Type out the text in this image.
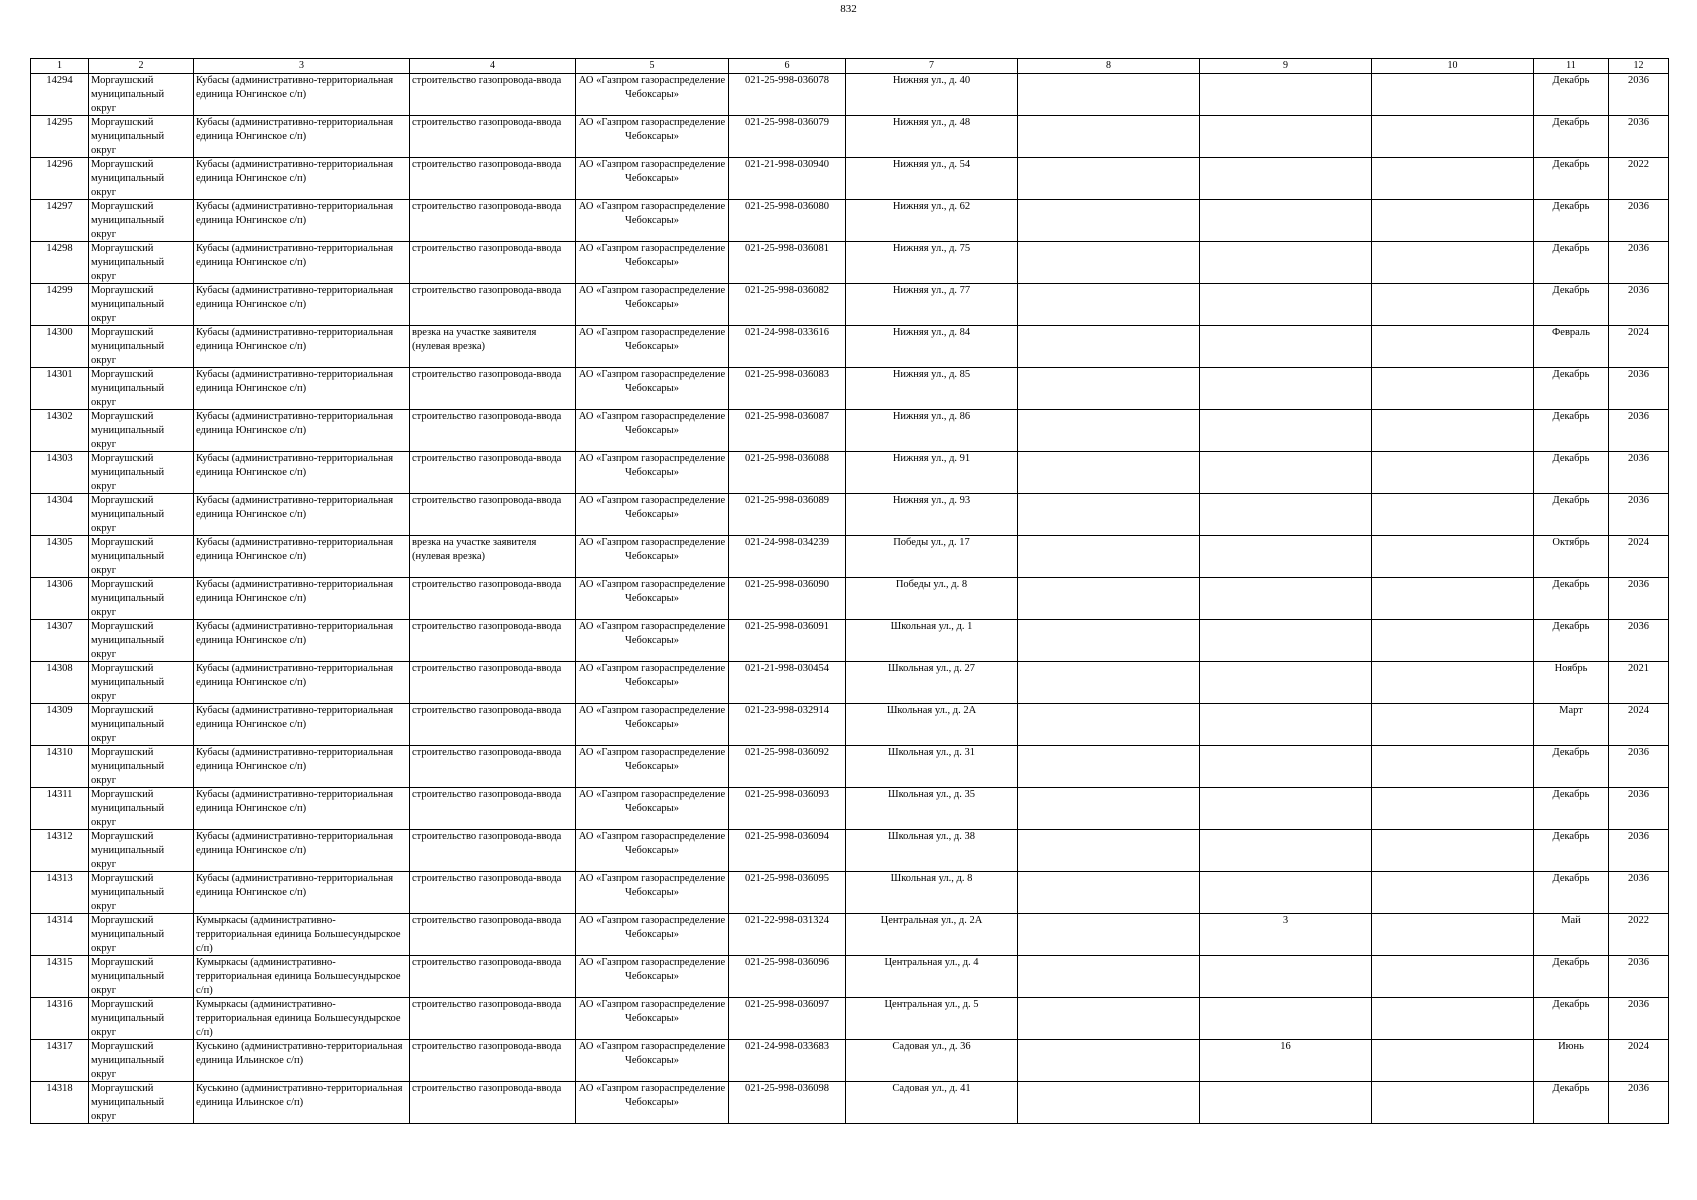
832
1	2	3	4	5	6	7	8	9	10	11	12

14294	Моргаушский муниципальный округ	Кубасы (административно-территориальная единица Юнгинское с/п)	строительство газопровода-ввода	АО «Газпром газораспределение Чебоксары»	021-25-998-036078	Нижняя ул., д. 40				Декабрь	2036

14295	Моргаушский муниципальный округ	Кубасы (административно-территориальная единица Юнгинское с/п)	строительство газопровода-ввода	АО «Газпром газораспределение Чебоксары»	021-25-998-036079	Нижняя ул., д. 48				Декабрь	2036

14296	Моргаушский муниципальный округ	Кубасы (административно-территориальная единица Юнгинское с/п)	строительство газопровода-ввода	АО «Газпром газораспределение Чебоксары»	021-21-998-030940	Нижняя ул., д. 54				Декабрь	2022

14297	Моргаушский муниципальный округ	Кубасы (административно-территориальная единица Юнгинское с/п)	строительство газопровода-ввода	АО «Газпром газораспределение Чебоксары»	021-25-998-036080	Нижняя ул., д. 62				Декабрь	2036

14298	Моргаушский муниципальный округ	Кубасы (административно-территориальная единица Юнгинское с/п)	строительство газопровода-ввода	АО «Газпром газораспределение Чебоксары»	021-25-998-036081	Нижняя ул., д. 75				Декабрь	2036

14299	Моргаушский муниципальный округ	Кубасы (административно-территориальная единица Юнгинское с/п)	строительство газопровода-ввода	АО «Газпром газораспределение Чебоксары»	021-25-998-036082	Нижняя ул., д. 77				Декабрь	2036

14300	Моргаушский муниципальный округ	Кубасы (административно-территориальная единица Юнгинское с/п)	врезка на участке заявителя (нулевая врезка)	АО «Газпром газораспределение Чебоксары»	021-24-998-033616	Нижняя ул., д. 84				Февраль	2024

14301	Моргаушский муниципальный округ	Кубасы (административно-территориальная единица Юнгинское с/п)	строительство газопровода-ввода	АО «Газпром газораспределение Чебоксары»	021-25-998-036083	Нижняя ул., д. 85				Декабрь	2036

14302	Моргаушский муниципальный округ	Кубасы (административно-территориальная единица Юнгинское с/п)	строительство газопровода-ввода	АО «Газпром газораспределение Чебоксары»	021-25-998-036087	Нижняя ул., д. 86				Декабрь	2036

14303	Моргаушский муниципальный округ	Кубасы (административно-территориальная единица Юнгинское с/п)	строительство газопровода-ввода	АО «Газпром газораспределение Чебоксары»	021-25-998-036088	Нижняя ул., д. 91				Декабрь	2036

14304	Моргаушский муниципальный округ	Кубасы (административно-территориальная единица Юнгинское с/п)	строительство газопровода-ввода	АО «Газпром газораспределение Чебоксары»	021-25-998-036089	Нижняя ул., д. 93				Декабрь	2036

14305	Моргаушский муниципальный округ	Кубасы (административно-территориальная единица Юнгинское с/п)	врезка на участке заявителя (нулевая врезка)	АО «Газпром газораспределение Чебоксары»	021-24-998-034239	Победы ул., д. 17				Октябрь	2024

14306	Моргаушский муниципальный округ	Кубасы (административно-территориальная единица Юнгинское с/п)	строительство газопровода-ввода	АО «Газпром газораспределение Чебоксары»	021-25-998-036090	Победы ул., д. 8				Декабрь	2036

14307	Моргаушский муниципальный округ	Кубасы (административно-территориальная единица Юнгинское с/п)	строительство газопровода-ввода	АО «Газпром газораспределение Чебоксары»	021-25-998-036091	Школьная ул., д. 1				Декабрь	2036

14308	Моргаушский муниципальный округ	Кубасы (административно-территориальная единица Юнгинское с/п)	строительство газопровода-ввода	АО «Газпром газораспределение Чебоксары»	021-21-998-030454	Школьная ул., д. 27				Ноябрь	2021

14309	Моргаушский муниципальный округ	Кубасы (административно-территориальная единица Юнгинское с/п)	строительство газопровода-ввода	АО «Газпром газораспределение Чебоксары»	021-23-998-032914	Школьная ул., д. 2А				Март	2024

14310	Моргаушский муниципальный округ	Кубасы (административно-территориальная единица Юнгинское с/п)	строительство газопровода-ввода	АО «Газпром газораспределение Чебоксары»	021-25-998-036092	Школьная ул., д. 31				Декабрь	2036

14311	Моргаушский муниципальный округ	Кубасы (административно-территориальная единица Юнгинское с/п)	строительство газопровода-ввода	АО «Газпром газораспределение Чебоксары»	021-25-998-036093	Школьная ул., д. 35				Декабрь	2036

14312	Моргаушский муниципальный округ	Кубасы (административно-территориальная единица Юнгинское с/п)	строительство газопровода-ввода	АО «Газпром газораспределение Чебоксары»	021-25-998-036094	Школьная ул., д. 38				Декабрь	2036

14313	Моргаушский муниципальный округ	Кубасы (административно-территориальная единица Юнгинское с/п)	строительство газопровода-ввода	АО «Газпром газораспределение Чебоксары»	021-25-998-036095	Школьная ул., д. 8				Декабрь	2036

14314	Моргаушский муниципальный округ	Кумыркасы (административно-территориальная единица Большесундырское с/п)	строительство газопровода-ввода	АО «Газпром газораспределение Чебоксары»	021-22-998-031324	Центральная ул., д. 2А		3		Май	2022

14315	Моргаушский муниципальный округ	Кумыркасы (административно-территориальная единица Большесундырское с/п)	строительство газопровода-ввода	АО «Газпром газораспределение Чебоксары»	021-25-998-036096	Центральная ул., д. 4				Декабрь	2036

14316	Моргаушский муниципальный округ	Кумыркасы (административно-территориальная единица Большесундырское с/п)	строительство газопровода-ввода	АО «Газпром газораспределение Чебоксары»	021-25-998-036097	Центральная ул., д. 5				Декабрь	2036

14317	Моргаушский муниципальный округ	Куськино (административно-территориальная единица Ильинское с/п)	строительство газопровода-ввода	АО «Газпром газораспределение Чебоксары»	021-24-998-033683	Садовая ул., д. 36		16		Июнь	2024

14318	Моргаушский муниципальный округ	Куськино (административно-территориальная единица Ильинское с/п)	строительство газопровода-ввода	АО «Газпром газораспределение Чебоксары»	021-25-998-036098	Садовая ул., д. 41				Декабрь	2036
